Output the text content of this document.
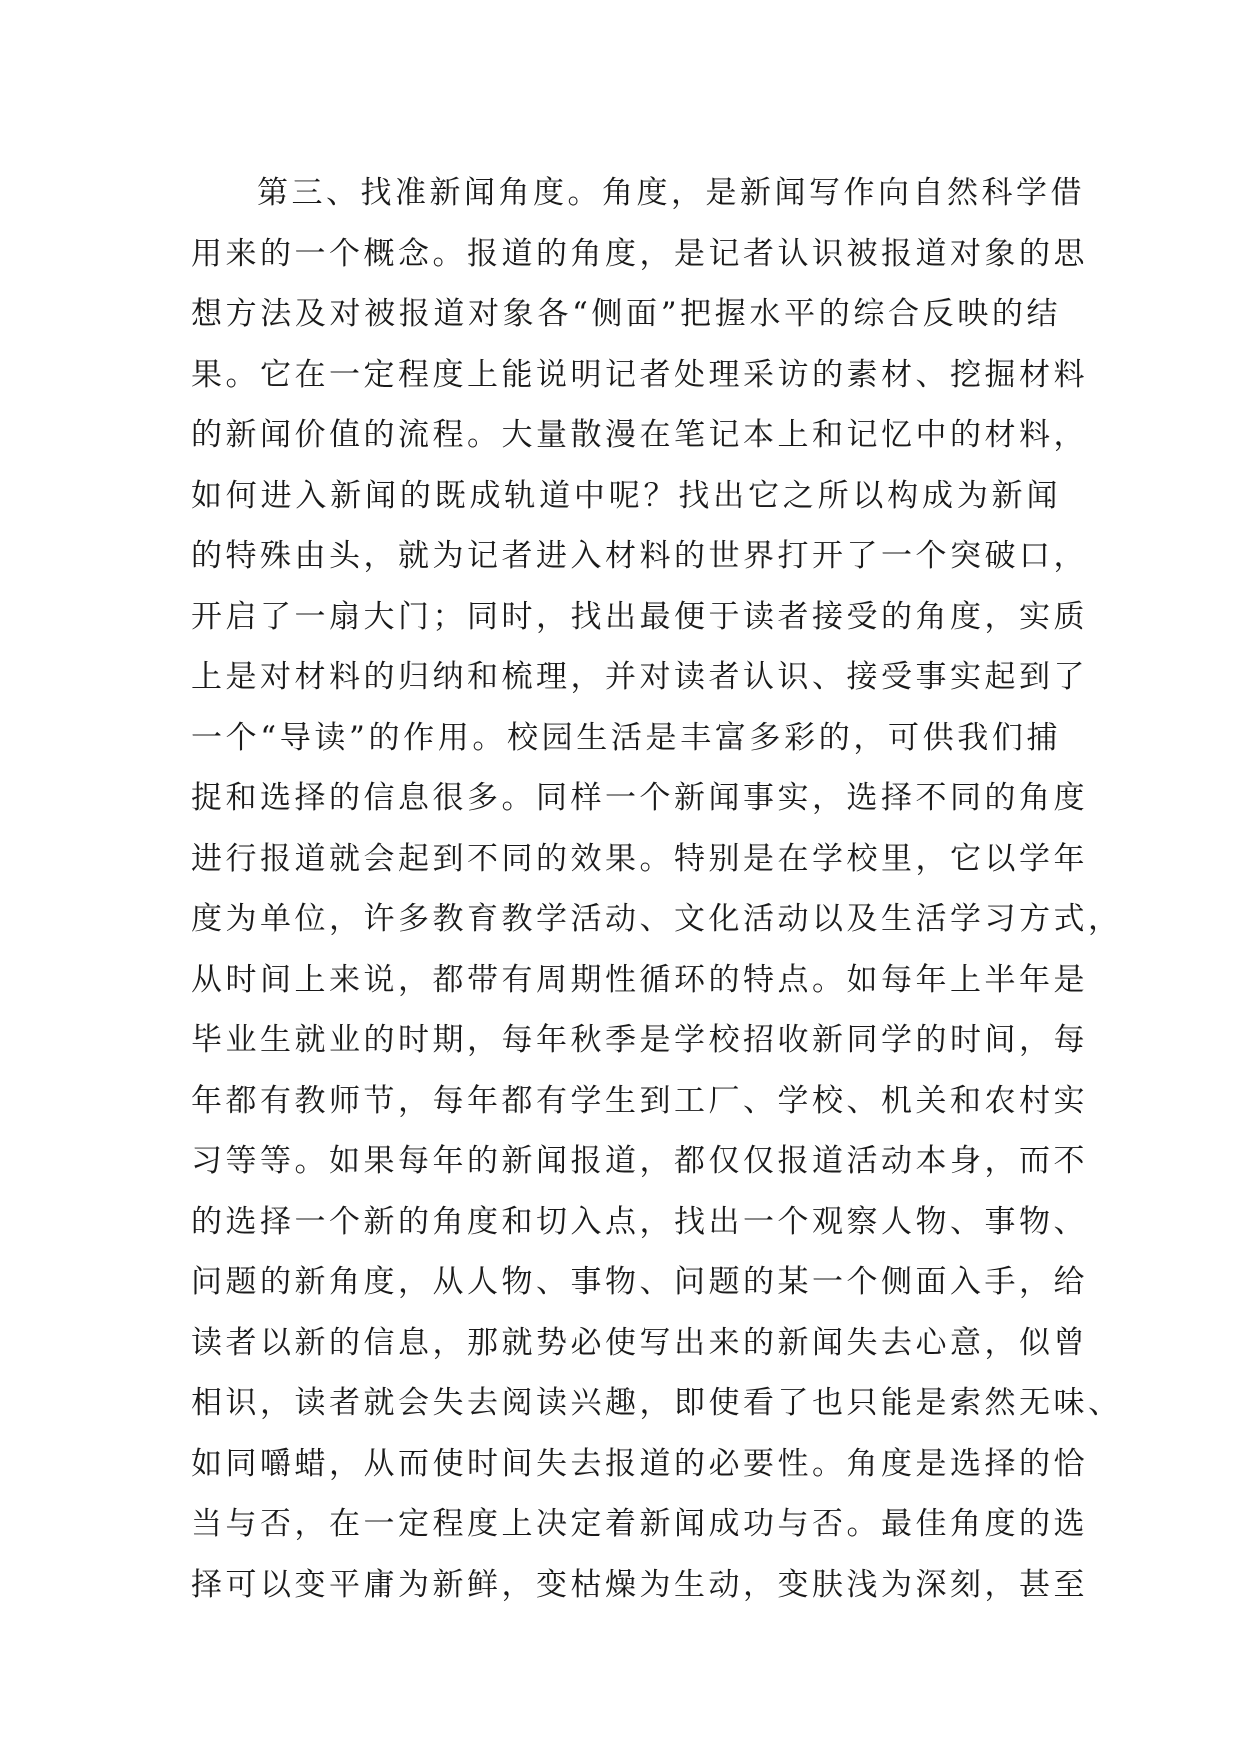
第三、找准新闻角度。角度，是新闻写作向自然科学借
用来的一个概念。报道的角度，是记者认识被报道对象的思
想方法及对被报道对象各“侧面”把握水平的综合反映的结
果。它在一定程度上能说明记者处理采访的素材、挖掘材料
的新闻价值的流程。大量散漫在笔记本上和记忆中的材料，
如何进入新闻的既成轨道中呢？找出它之所以构成为新闻
的特殊由头，就为记者进入材料的世界打开了一个突破口，
开启了一扇大门；同时，找出最便于读者接受的角度，实质
上是对材料的归纳和梳理，并对读者认识、接受事实起到了
一个“导读”的作用。校园生活是丰富多彩的，可供我们捕
捉和选择的信息很多。同样一个新闻事实，选择不同的角度
进行报道就会起到不同的效果。特别是在学校里，它以学年
度为单位，许多教育教学活动、文化活动以及生活学习方式，
从时间上来说，都带有周期性循环的特点。如每年上半年是
毕业生就业的时期，每年秋季是学校招收新同学的时间，每
年都有教师节，每年都有学生到工厂、学校、机关和农村实
习等等。如果每年的新闻报道，都仅仅报道活动本身，而不
的选择一个新的角度和切入点，找出一个观察人物、事物、
问题的新角度，从人物、事物、问题的某一个侧面入手，给
读者以新的信息，那就势必使写出来的新闻失去心意，似曾
相识，读者就会失去阅读兴趣，即使看了也只能是索然无味、
如同嚼蜡，从而使时间失去报道的必要性。角度是选择的恰
当与否，在一定程度上决定着新闻成功与否。最佳角度的选
择可以变平庸为新鲜，变枯燥为生动，变肤浅为深刻，甚至
